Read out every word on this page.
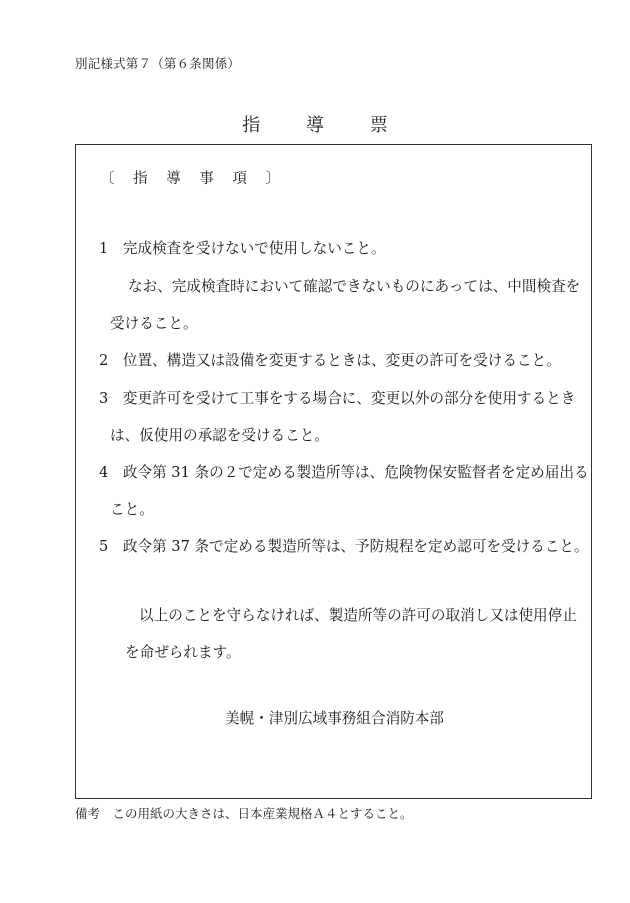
別記様式第７（第６条関係）
指	導	票
〔 指 導 事 項 〕
1　完成検査を受けないで使用しないこと。
なお、完成検査時において確認できないものにあっては、中間検査を
受けること。
2　位置、構造又は設備を変更するときは、変更の許可を受けること。
3　変更許可を受けて工事をする場合に、変更以外の部分を使用するとき
は、仮使用の承認を受けること。
4　政令第 31 条の２で定める製造所等は、危険物保安監督者を定め届出る
こと。
5　政令第 37 条で定める製造所等は、予防規程を定め認可を受けること。
以上のことを守らなければ、製造所等の許可の取消し又は使用停止
を命ぜられます。
美幌・津別広域事務組合消防本部
備考　この用紙の大きさは、日本産業規格Ａ４とすること。
